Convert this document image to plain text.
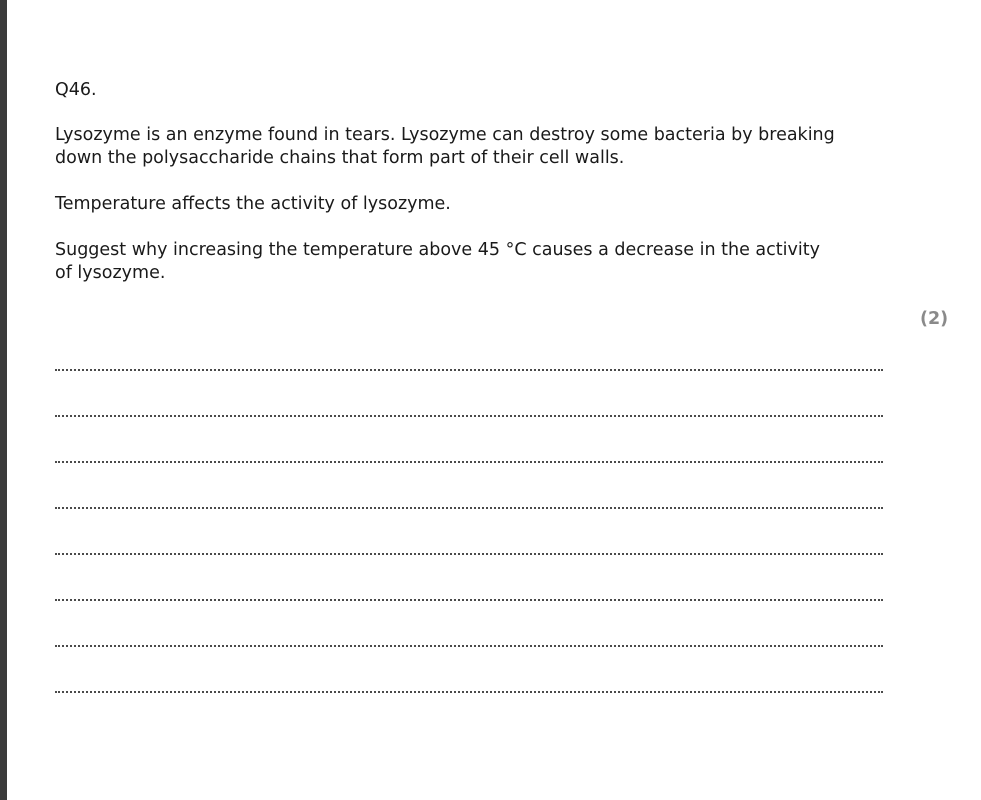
Q46.
Lysozyme is an enzyme found in tears. Lysozyme can destroy some bacteria by breaking down the polysaccharide chains that form part of their cell walls.
Temperature affects the activity of lysozyme.
Suggest why increasing the temperature above 45 °C causes a decrease in the activity of lysozyme.
(2)
